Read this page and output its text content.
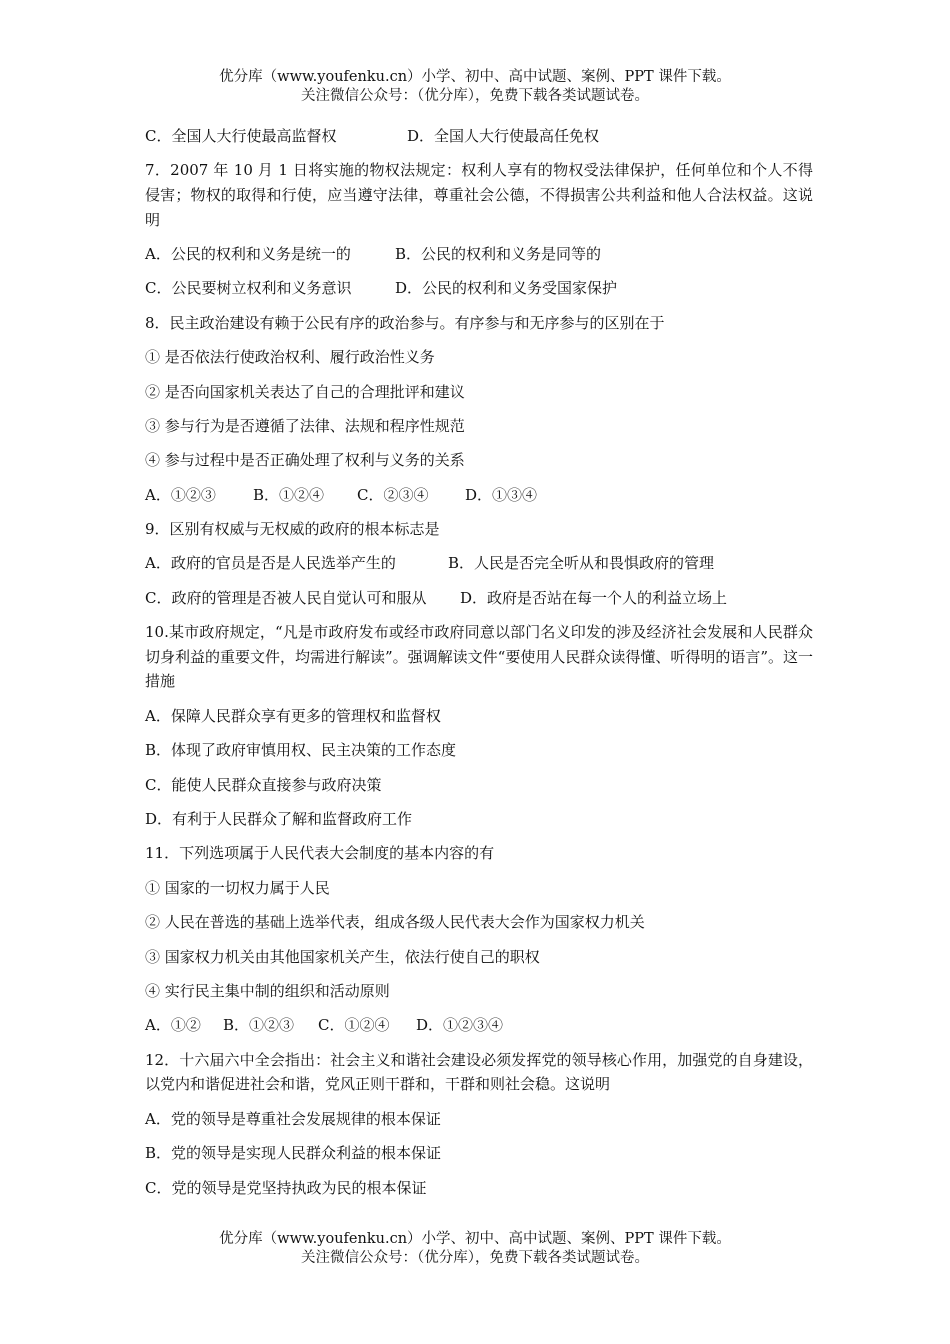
优分库（www.youfenku.cn）小学、初中、高中试题、案例、PPT 课件下载。
关注微信公众号：（优分库），免费下载各类试题试卷。
C．全国人大行使最高监督权	D．全国人大行使最高任免权
7．2007 年 10 月 1 日将实施的物权法规定：权利人享有的物权受法律保护，任何单位和个人不得侵害；物权的取得和行使，应当遵守法律，尊重社会公德，不得损害公共利益和他人合法权益。这说明
A．公民的权利和义务是统一的	B．公民的权利和义务是同等的
C．公民要树立权利和义务意识	D．公民的权利和义务受国家保护
8．民主政治建设有赖于公民有序的政治参与。有序参与和无序参与的区别在于
① 是否依法行使政治权利、履行政治性义务
② 是否向国家机关表达了自己的合理批评和建议
③ 参与行为是否遵循了法律、法规和程序性规范
④ 参与过程中是否正确处理了权利与义务的关系
A．①②③ B．①②④ C．②③④ D．①③④
9．区别有权威与无权威的政府的根本标志是
A．政府的官员是否是人民选举产生的	B．人民是否完全听从和畏惧政府的管理
C．政府的管理是否被人民自觉认可和服从 D．政府是否站在每一个人的利益立场上
10.某市政府规定，“凡是市政府发布或经市政府同意以部门名义印发的涉及经济社会发展和人民群众切身利益的重要文件，均需进行解读”。强调解读文件“要使用人民群众读得懂、听得明的语言”。这一措施
A．保障人民群众享有更多的管理权和监督权
B．体现了政府审慎用权、民主决策的工作态度
C．能使人民群众直接参与政府决策
D．有利于人民群众了解和监督政府工作
11．下列选项属于人民代表大会制度的基本内容的有
① 国家的一切权力属于人民
② 人民在普选的基础上选举代表，组成各级人民代表大会作为国家权力机关
③ 国家权力机关由其他国家机关产生，依法行使自己的职权
④ 实行民主集中制的组织和活动原则
A．①② B．①②③ C．①②④ D．①②③④
12．十六届六中全会指出：社会主义和谐社会建设必须发挥党的领导核心作用，加强党的自身建设，以党内和谐促进社会和谐，党风正则干群和，干群和则社会稳。这说明
A．党的领导是尊重社会发展规律的根本保证
B．党的领导是实现人民群众利益的根本保证
C．党的领导是党坚持执政为民的根本保证
优分库（www.youfenku.cn）小学、初中、高中试题、案例、PPT 课件下载。
关注微信公众号：（优分库），免费下载各类试题试卷。
